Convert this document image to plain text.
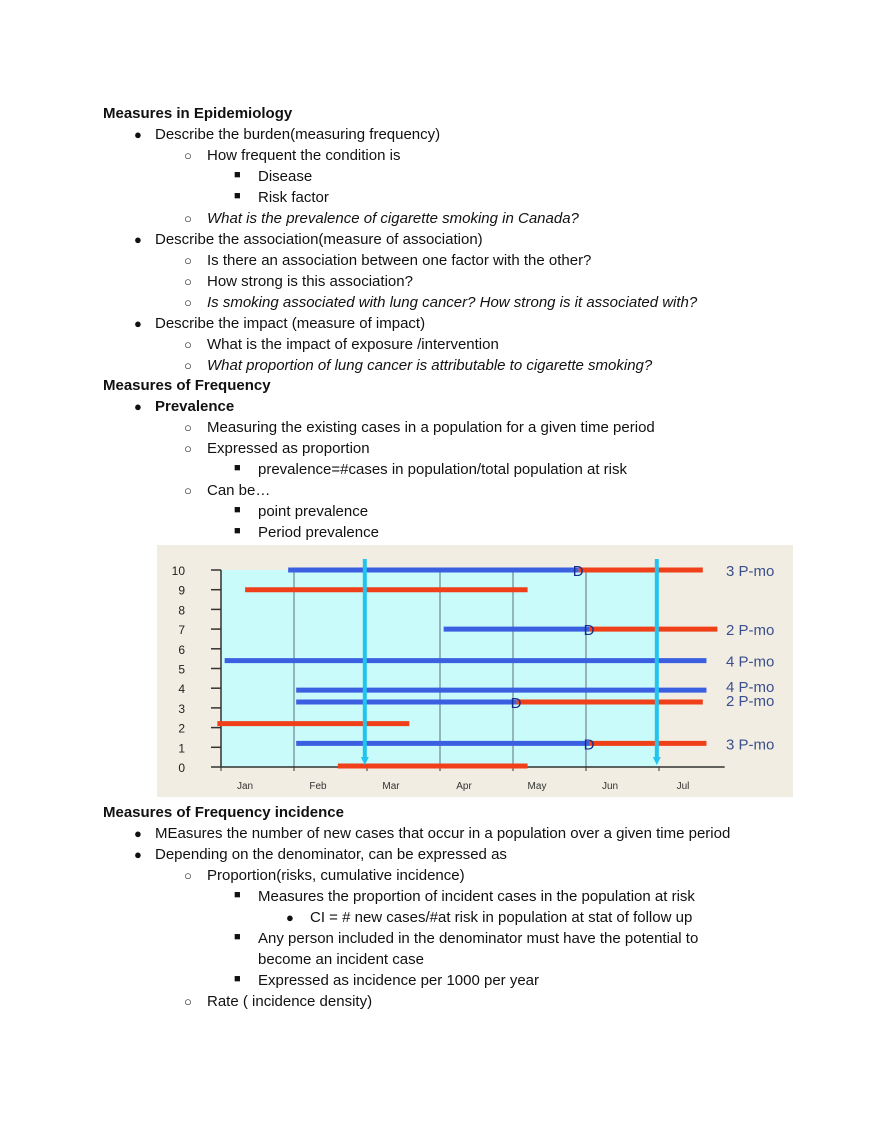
0
1
2
3
4
5
6
7
8
9
10
Jan	Feb	Mar	Apr	May	Jun	Jul
D	3 P-mo
D	2 P-mo
4 P-mo
4 P-mo
D	2 P-mo
D	3 P-mo
Measures in Epidemiology
● Describe the burden(measuring frequency)
○ How frequent the condition is
■ Disease
■ Risk factor
○ What is the prevalence of cigarette smoking in Canada?
● Describe the association(measure of association)
○ Is there an association between one factor with the other?
○ How strong is this association?
○ Is smoking associated with lung cancer? How strong is it associated with?
● Describe the impact (measure of impact)
○ What is the impact of exposure /intervention
○ What proportion of lung cancer is attributable to cigarette smoking?
Measures of Frequency
● Prevalence
○ Measuring the existing cases in a population for a given time period
○ Expressed as proportion
■ prevalence=#cases in population/total population at risk
○ Can be…
■ point prevalence
■ Period prevalence
Measures of Frequency incidence
● MEasures the number of new cases that occur in a population over a given time period
● Depending on the denominator, can be expressed as
○ Proportion(risks, cumulative incidence)
■ Measures the proportion of incident cases in the population at risk
● CI = # new cases/#at risk in population at stat of follow up
■ Any person included in the denominator must have the potential to
become an incident case
■ Expressed as incidence per 1000 per year
○ Rate ( incidence density)
